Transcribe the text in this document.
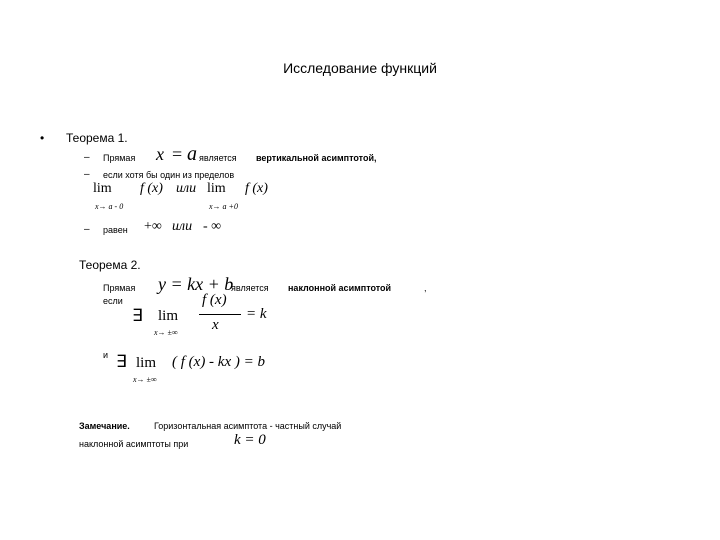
Исследование функций
• Теорема 1.
– Прямая x = a является вертикальной асимптотой,
– если хотя бы один из пределов
lim
x→ a - 0
f (x) или lim
x→ a +0
f (x)
– равен +∞ или - ∞
Теорема 2.
Прямая y = kx + b
является наклонной асимптотой	,
если
∃ lim
x→ ±∞
f (x)
x
= k
и ∃ lim
x→ ±∞
( f (x) - kx ) = b
Замечание.	Горизонтальная асимптота - частный случай
наклонной асимптоты при	k = 0
